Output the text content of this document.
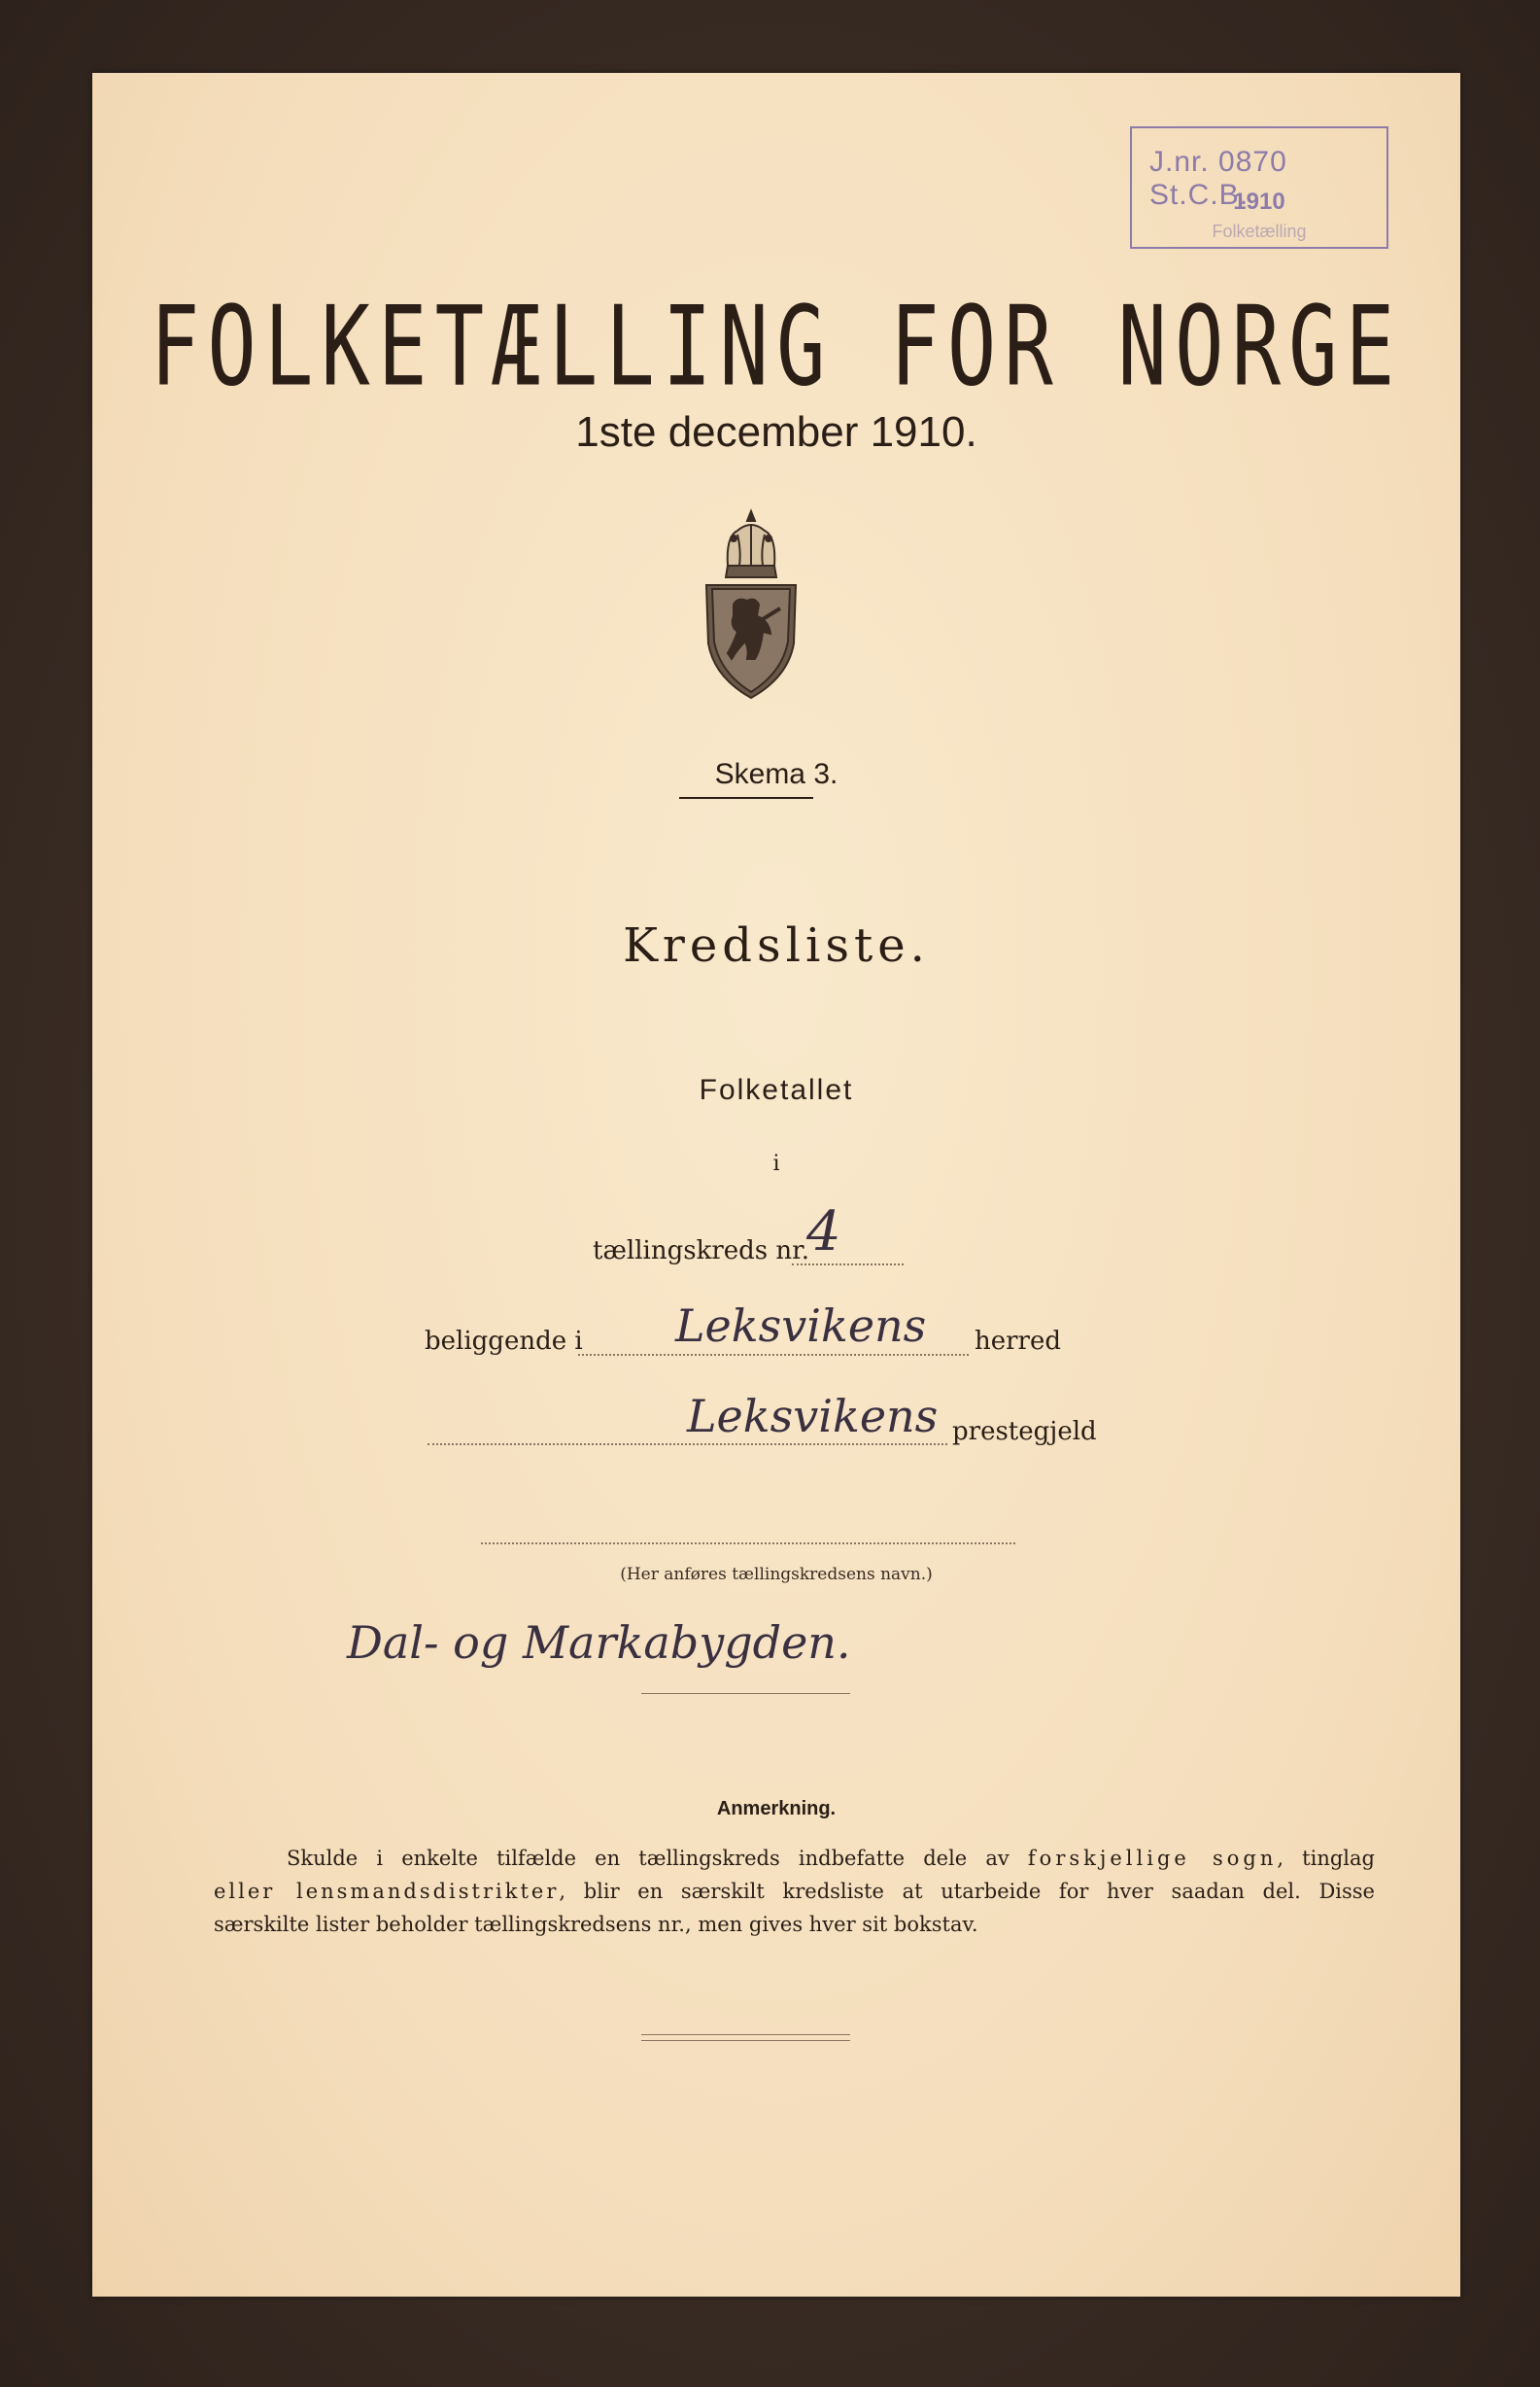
J.nr. 0870 St.C.B.
1910
Folketælling
FOLKETÆLLING FOR NORGE
1ste december 1910.
Skema 3.
Kredsliste.
Folketallet
i
tællingskreds nr.
4
beliggende i Leksvikens herred
Leksvikens prestegjeld
(Her anføres tællingskredsens navn.)
Dal- og Markabygden.
Anmerkning.
Skulde i enkelte tilfælde en tællingskreds indbefatte dele av forskjellige sogn, tinglag
eller lensmandsdistrikter, blir en særskilt kredsliste at utarbeide for hver saadan del. Disse
særskilte lister beholder tællingskredsens nr., men gives hver sit bokstav.
